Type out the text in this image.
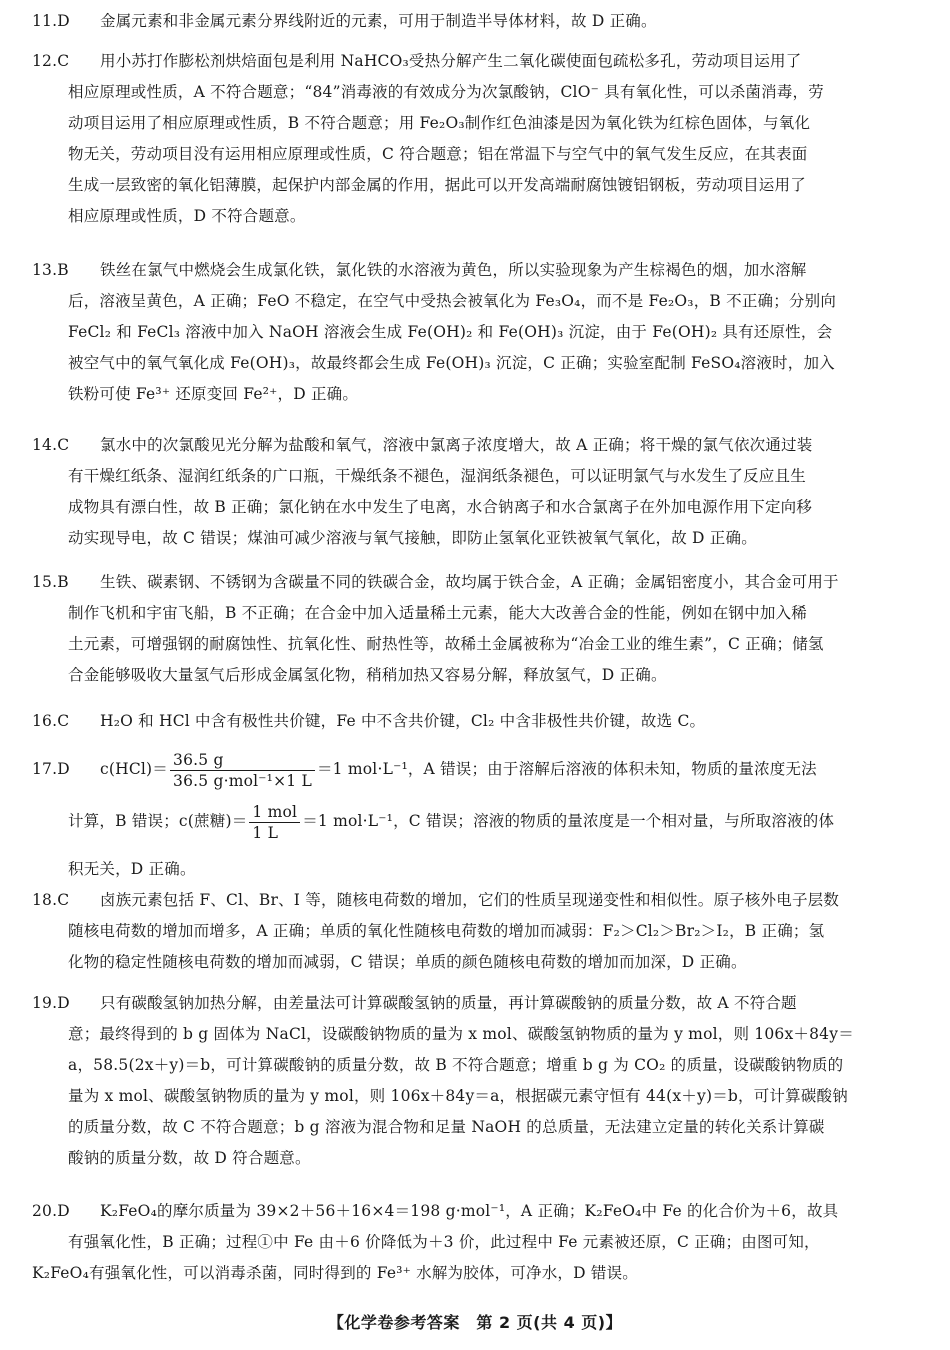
11.D 金属元素和非金属元素分界线附近的元素，可用于制造半导体材料，故 D 正确。

12.C 用小苏打作膨松剂烘焙面包是利用 NaHCO₃受热分解产生二氧化碳使面包疏松多孔，劳动项目运用了

相应原理或性质，A 不符合题意；“84”消毒液的有效成分为次氯酸钠，ClO⁻ 具有氧化性，可以杀菌消毒，劳

动项目运用了相应原理或性质，B 不符合题意；用 Fe₂O₃制作红色油漆是因为氧化铁为红棕色固体，与氧化

物无关，劳动项目没有运用相应原理或性质，C 符合题意；铝在常温下与空气中的氧气发生反应，在其表面

生成一层致密的氧化铝薄膜，起保护内部金属的作用，据此可以开发高端耐腐蚀镀铝钢板，劳动项目运用了

相应原理或性质，D 不符合题意。

13.B 铁丝在氯气中燃烧会生成氯化铁，氯化铁的水溶液为黄色，所以实验现象为产生棕褐色的烟，加水溶解

后，溶液呈黄色，A 正确；FeO 不稳定，在空气中受热会被氧化为 Fe₃O₄，而不是 Fe₂O₃，B 不正确；分别向

FeCl₂ 和 FeCl₃ 溶液中加入 NaOH 溶液会生成 Fe(OH)₂ 和 Fe(OH)₃ 沉淀，由于 Fe(OH)₂ 具有还原性，会

被空气中的氧气氧化成 Fe(OH)₃，故最终都会生成 Fe(OH)₃ 沉淀，C 正确；实验室配制 FeSO₄溶液时，加入

铁粉可使 Fe³⁺ 还原变回 Fe²⁺，D 正确。

14.C 氯水中的次氯酸见光分解为盐酸和氧气，溶液中氯离子浓度增大，故 A 正确；将干燥的氯气依次通过装

有干燥红纸条、湿润红纸条的广口瓶，干燥纸条不褪色，湿润纸条褪色，可以证明氯气与水发生了反应且生

成物具有漂白性，故 B 正确；氯化钠在水中发生了电离，水合钠离子和水合氯离子在外加电源作用下定向移

动实现导电，故 C 错误；煤油可减少溶液与氧气接触，即防止氢氧化亚铁被氧气氧化，故 D 正确。

15.B 生铁、碳素钢、不锈钢为含碳量不同的铁碳合金，故均属于铁合金，A 正确；金属铝密度小，其合金可用于

制作飞机和宇宙飞船，B 不正确；在合金中加入适量稀土元素，能大大改善合金的性能，例如在钢中加入稀

土元素，可增强钢的耐腐蚀性、抗氧化性、耐热性等，故稀土金属被称为“冶金工业的维生素”，C 正确；储氢

合金能够吸收大量氢气后形成金属氢化物，稍稍加热又容易分解，释放氢气，D 正确。

16.C H₂O 和 HCl 中含有极性共价键，Fe 中不含共价键，Cl₂ 中含非极性共价键，故选 C。

17.D $c(HCl)= \frac{36.5 g}{\text{36.5 g·mol⁻¹×1 L}} =1$ mol·L⁻¹，A 错误；由于溶解后溶液的体积未知，物质的量浓度无法

计算，B 错误；c(蔗糖)＝ $\frac{\text{1 mol}}{1 L} =1$ mol·L⁻¹，C 错误；溶液的物质的量浓度是一个相对量，与所取溶液的体

积无关，D 正确。

18.C 卤族元素包括 F、Cl、Br、I 等，随核电荷数的增加，它们的性质呈现递变性和相似性。原子核外电子层数

随核电荷数的增加而增多，A 正确；单质的氧化性随核电荷数的增加而减弱：F₂＞Cl₂＞Br₂＞I₂，B 正确；氢

化物的稳定性随核电荷数的增加而减弱，C 错误；单质的颜色随核电荷数的增加而加深，D 正确。

19.D 只有碳酸氢钠加热分解，由差量法可计算碳酸氢钠的质量，再计算碳酸钠的质量分数，故 A 不符合题

意；最终得到的 b g 固体为 NaCl，设碳酸钠物质的量为 x mol、碳酸氢钠物质的量为 y mol，则 106x＋84y＝

a，58.5(2x＋y)＝b，可计算碳酸钠的质量分数，故 B 不符合题意；增重 b g 为 CO₂ 的质量，设碳酸钠物质的

量为 x mol、碳酸氢钠物质的量为 y mol，则 106x＋84y＝a，根据碳元素守恒有 44(x＋y)＝b，可计算碳酸钠

的质量分数，故 C 不符合题意；b g 溶液为混合物和足量 NaOH 的总质量，无法建立定量的转化关系计算碳

酸钠的质量分数，故 D 符合题意。

20.D K₂FeO₄的摩尔质量为 39×2＋56＋16×4＝198 g·mol⁻¹，A 正确；K₂FeO₄中 Fe 的化合价为＋6，故具

有强氧化性，B 正确；过程①中 Fe 由＋6 价降低为＋3 价，此过程中 Fe 元素被还原，C 正确；由图可知，

K₂FeO₄有强氧化性，可以消毒杀菌，同时得到的 Fe³⁺ 水解为胶体，可净水，D 错误。

【化学卷参考答案　第 2 页(共 4 页)】
